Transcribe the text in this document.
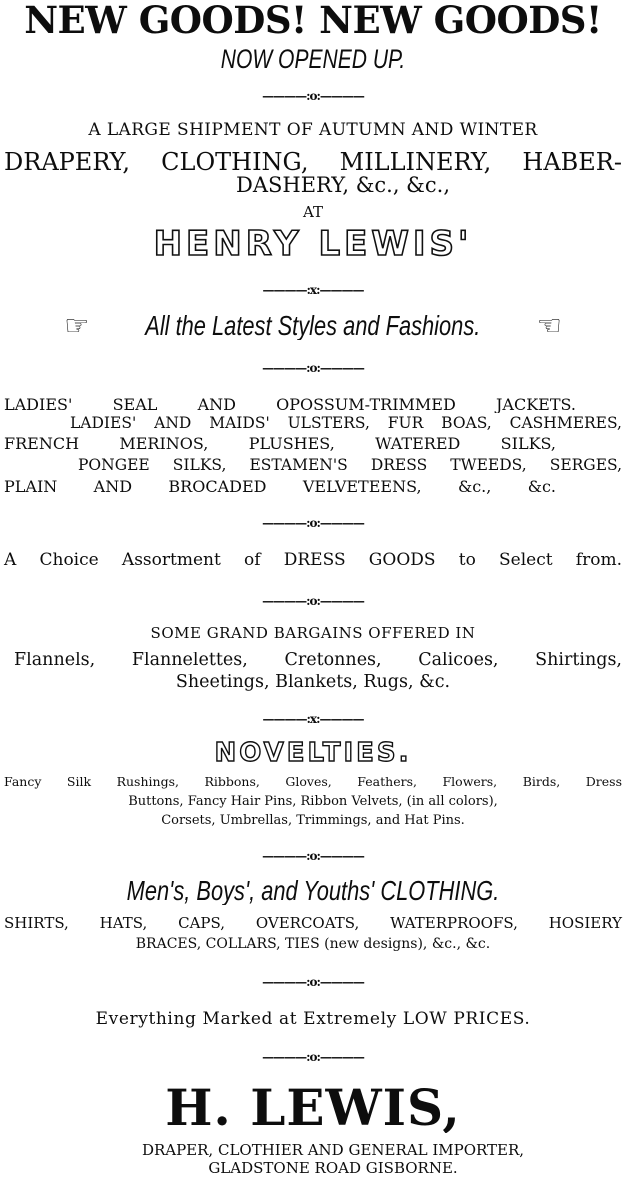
NEW GOODS! NEW GOODS!
NOW OPENED UP.
————:o:————
A LARGE SHIPMENT OF AUTUMN AND WINTER
DRAPERY, CLOTHING, MILLINERY, HABER-
DASHERY, &c., &c.,
AT
HENRY LEWIS'
————:x:————
☞ All the Latest Styles and Fashions. ☜
————:o:————
LADIES' SEAL AND OPOSSUM-TRIMMED JACKETS.
LADIES' AND MAIDS' ULSTERS, FUR BOAS, CASHMERES,
FRENCH MERINOS, PLUSHES, WATERED SILKS,
PONGEE SILKS, ESTAMEN'S DRESS TWEEDS, SERGES,
PLAIN AND BROCADED VELVETEENS, &c., &c.
————:o:————
A Choice Assortment of DRESS GOODS to Select from.
————:o:————
SOME GRAND BARGAINS OFFERED IN
Flannels, Flannelettes, Cretonnes, Calicoes, Shirtings,
Sheetings, Blankets, Rugs, &c.
————:x:————
NOVELTIES.
Fancy Silk Rushings, Ribbons, Gloves, Feathers, Flowers, Birds, Dress
Buttons, Fancy Hair Pins, Ribbon Velvets, (in all colors),
Corsets, Umbrellas, Trimmings, and Hat Pins.
————:o:————
Men's, Boys', and Youths' CLOTHING.
SHIRTS, HATS, CAPS, OVERCOATS, WATERPROOFS, HOSIERY
BRACES, COLLARS, TIES (new designs), &c., &c.
————:o:————
Everything Marked at Extremely LOW PRICES.
————:o:————
H. LEWIS,
DRAPER, CLOTHIER AND GENERAL IMPORTER,
GLADSTONE ROAD GISBORNE.
